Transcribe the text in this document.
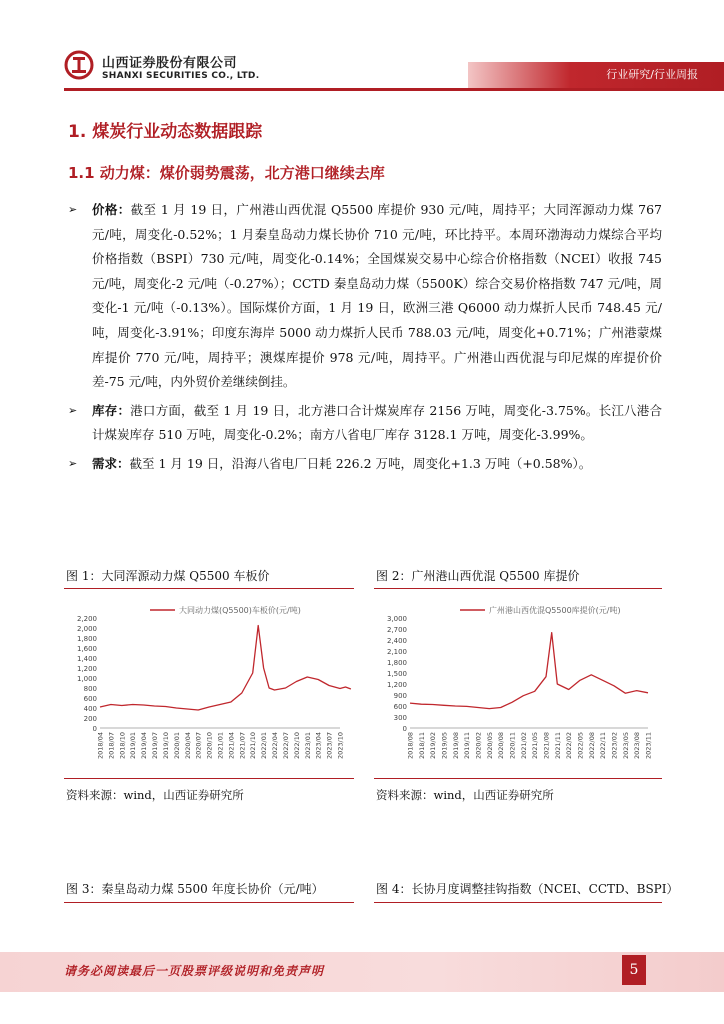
山西证券股份有限公司
SHANXI SECURITIES CO., LTD.	行业研究/行业周报
1. 煤炭行业动态数据跟踪
1.1 动力煤：煤价弱势震荡，北方港口继续去库
➢	价格：截至 1 月 19 日，广州港山西优混 Q5500 库提价 930 元/吨，周持平；大同浑源动力煤 767 元/吨，周变化-0.52%；1 月秦皇岛动力煤长协价 710 元/吨，环比持平。本周环渤海动力煤综合平均价格指数（BSPI）730 元/吨，周变化-0.14%；全国煤炭交易中心综合价格指数（NCEI）收报 745 元/吨，周变化-2 元/吨（-0.27%）；CCTD 秦皇岛动力煤（5500K）综合交易价格指数 747 元/吨，周变化-1 元/吨（-0.13%）。国际煤价方面，1 月 19 日，欧洲三港 Q6000 动力煤折人民币 748.45 元/吨，周变化-3.91%；印度东海岸 5000 动力煤折人民币 788.03 元/吨，周变化+0.71%；广州港蒙煤库提价 770 元/吨，周持平；澳煤库提价 978 元/吨，周持平。广州港山西优混与印尼煤的库提价价差-75 元/吨，内外贸价差继续倒挂。
➢	库存：港口方面，截至 1 月 19 日，北方港口合计煤炭库存 2156 万吨，周变化-3.75%。长江八港合计煤炭库存 510 万吨，周变化-0.2%；南方八省电厂库存 3128.1 万吨，周变化-3.99%。
➢	需求：截至 1 月 19 日，沿海八省电厂日耗 226.2 万吨，周变化+1.3 万吨（+0.58%）。
图 1：大同浑源动力煤 Q5500 车板价
大同动力煤(Q5500)车板价(元/吨)
0
200
400
600
800
1,000
1,200
1,400
1,600
1,800
2,000
2,200
2018/04 2018/07 2018/10 2019/01 2019/04 2019/07 2019/10 2020/01 2020/04 2020/07 2020/10 2021/01 2021/04 2021/07 2021/10 2022/01 2022/04 2022/07 2022/10 2023/01 2023/04 2023/07 2023/10
资料来源：wind，山西证券研究所
图 2：广州港山西优混 Q5500 库提价
广州港山西优混Q5500库提价(元/吨)
0
300
600
900
1,200
1,500
1,800
2,100
2,400
2,700
3,000
2018/08 2018/11 2019/02 2019/05 2019/08 2019/11 2020/02 2020/05 2020/08 2020/11 2021/02 2021/05 2021/08 2021/11 2022/02 2022/05 2022/08 2022/11 2023/02 2023/05 2023/08 2023/11
资料来源：wind，山西证券研究所
图 3：秦皇岛动力煤 5500 年度长协价（元/吨）	图 4：长协月度调整挂钩指数（NCEI、CCTD、BSPI）
请务必阅读最后一页股票评级说明和免责声明	5
